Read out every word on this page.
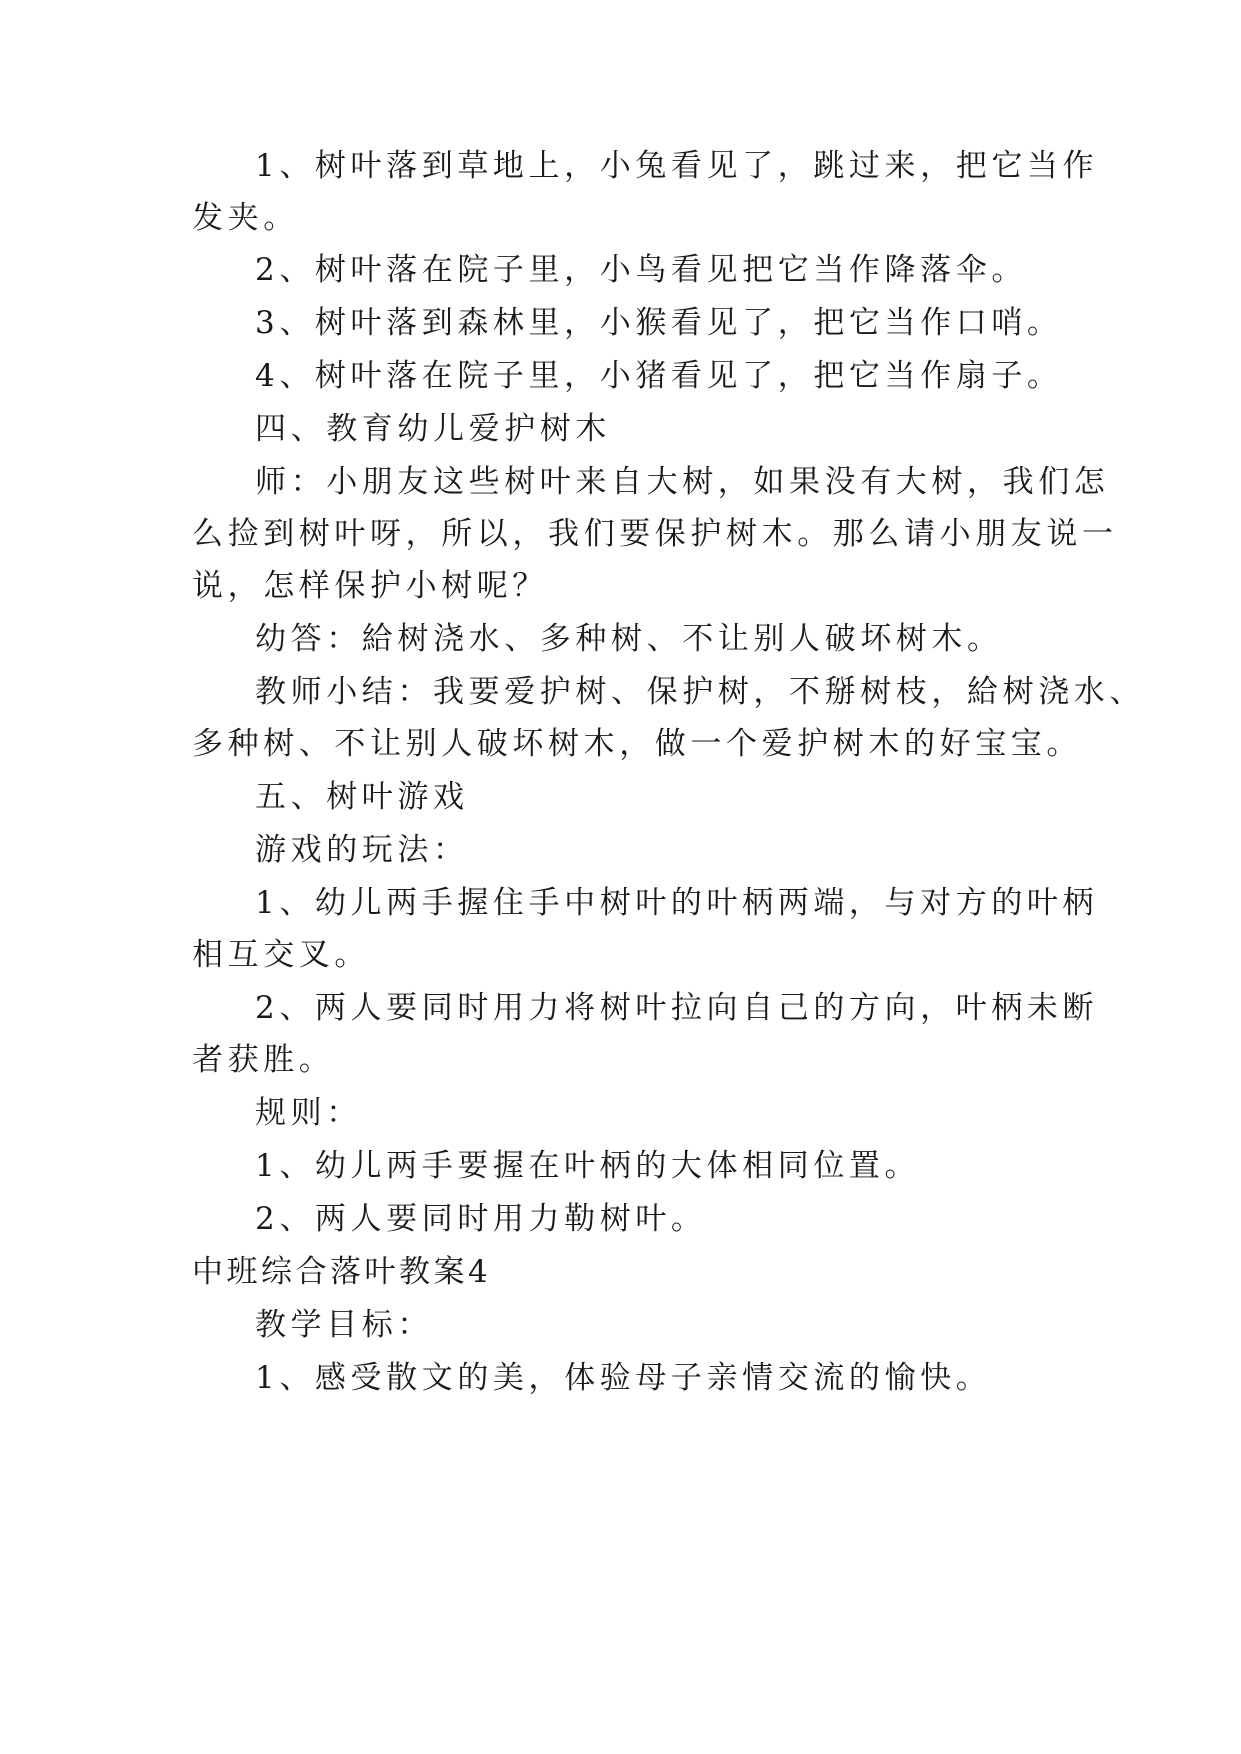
1、树叶落到草地上，小兔看见了，跳过来，把它当作
发夹。
2、树叶落在院子里，小鸟看见把它当作降落伞。
3、树叶落到森林里，小猴看见了，把它当作口哨。
4、树叶落在院子里，小猪看见了，把它当作扇子。
四、教育幼儿爱护树木
师：小朋友这些树叶来自大树，如果没有大树，我们怎
么捡到树叶呀，所以，我们要保护树木。那么请小朋友说一
说，怎样保护小树呢？
幼答：給树浇水、多种树、不让别人破坏树木。
教师小结：我要爱护树、保护树，不掰树枝，給树浇水、
多种树、不让别人破坏树木，做一个爱护树木的好宝宝。
五、树叶游戏
游戏的玩法：
1、幼儿两手握住手中树叶的叶柄两端，与对方的叶柄
相互交叉。
2、两人要同时用力将树叶拉向自己的方向，叶柄未断
者获胜。
规则：
1、幼儿两手要握在叶柄的大体相同位置。
2、两人要同时用力勒树叶。
中班综合落叶教案4
教学目标：
1、感受散文的美，体验母子亲情交流的愉快。
